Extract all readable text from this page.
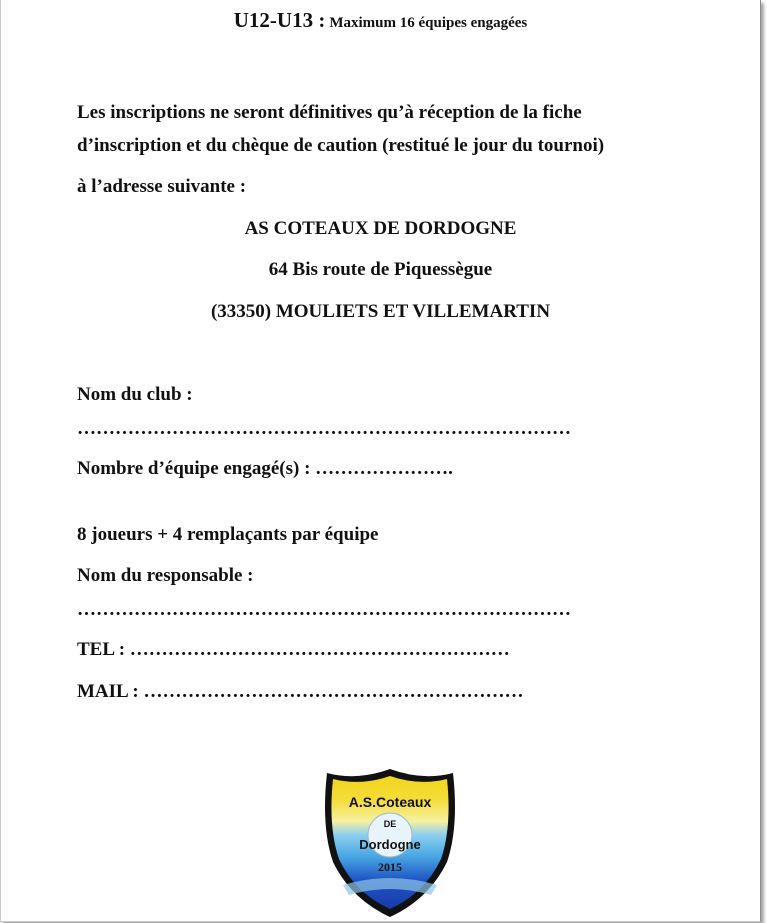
U12-U13 : Maximum 16 équipes engagées
Les inscriptions ne seront définitives qu’à réception de la fiche
d’inscription et du chèque de caution (restitué le jour du tournoi)
à l’adresse suivante :
AS COTEAUX DE DORDOGNE
64 Bis route de Piquessègue
(33350) MOULIETS ET VILLEMARTIN
Nom du club :
……………………………………………………………………
Nombre d’équipe engagé(s) : ………………….
8 joueurs + 4 remplaçants par équipe
Nom du responsable :
……………………………………………………………………
TEL : ……………………………………………………
MAIL : ……………………………………………………
A.S.Coteaux
DE
Dordogne
2015
